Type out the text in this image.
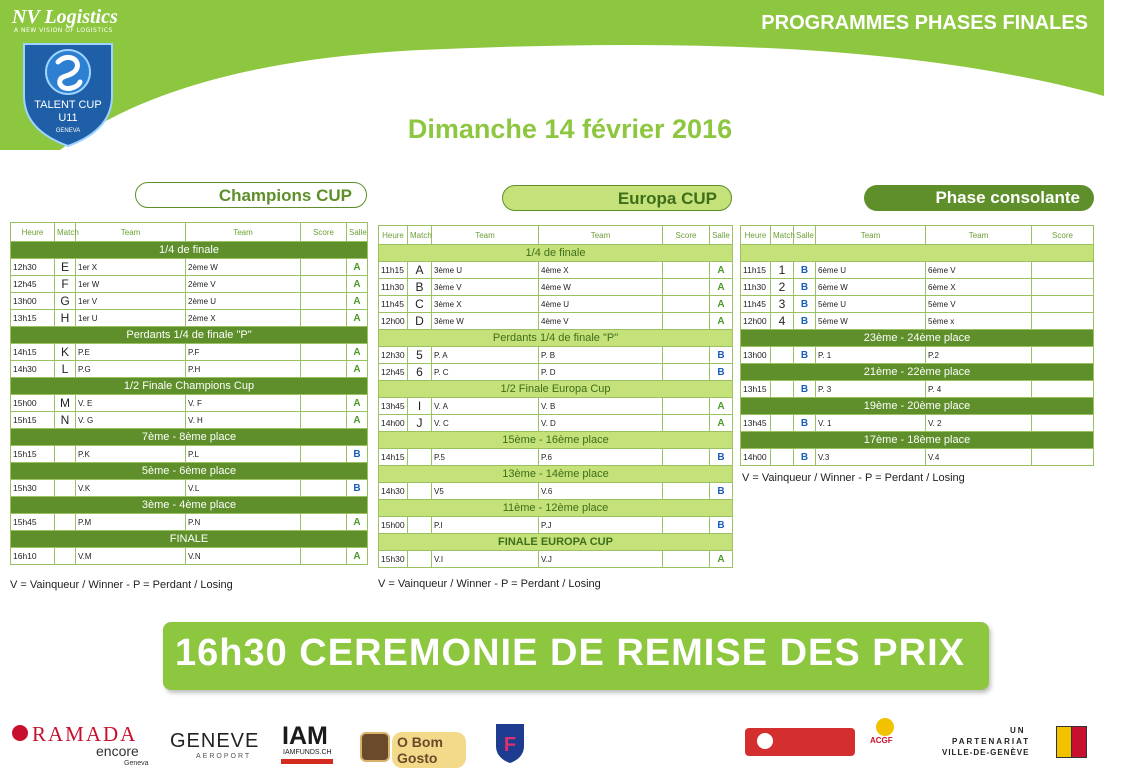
NV Logistics
A NEW VISION OF LOGISTICS
TALENT CUP
U11
GENEVA
PROGRAMMES PHASES FINALES
Dimanche 14 février 2016
Champions CUP	Europa CUP	Phase consolante
Heure	Match	Team	Team	Score	Salle
1/4 de finale					
12h30	E	1er X	2ème W		A
12h45	F	1er W	2ème V		A
13h00	G	1er V	2ème U		A
13h15	H	1er U	2ème X		A
Perdants 1/4 de finale "P"					
14h15	K	P.E	P.F		A
14h30	L	P.G	P.H		A
1/2 Finale Champions Cup					
15h00	M	V. E	V. F		A
15h15	N	V. G	V. H		A
7ème - 8ème place					
15h15		P.K	P.L		B
5ème - 6ème place					
15h30		V.K	V.L		B
3ème - 4ème place					
15h45		P.M	P.N		A
FINALE					
16h10		V.M	V.N		A
Heure	Match	Team	Team	Score	Salle
1/4 de finale					
11h15	A	3ème U	4ème X		A
11h30	B	3ème V	4ème W		A
11h45	C	3ème X	4ème U		A
12h00	D	3ème W	4ème V		A
Perdants 1/4 de finale "P"					
12h30	5	P. A	P. B		B
12h45	6	P. C	P. D		B
1/2 Finale Europa Cup					
13h45	I	V. A	V. B		A
14h00	J	V. C	V. D		A
15ème - 16ème place					
14h15		P.5	P.6		B
13ème - 14ème place					
14h30		V5	V.6		B
11ème - 12ème place					
15h00		P.I	P.J		B
FINALE EUROPA CUP					
15h30		V.I	V.J		A
Heure	Match	Salle	Team	Team	Score

11h15	1	B	6ème U	6ème V	
11h30	2	B	6ème W	6ème X	
11h45	3	B	5ème U	5ème V	
12h00	4	B	5ème W	5ème x	
23ème - 24ème place					
13h00		B	P. 1	P.2	
21ème - 22ème place					
13h15		B	P. 3	P. 4	
19ème - 20ème place					
13h45		B	V. 1	V. 2	
17ème - 18ème place					
14h00		B	V.3	V.4	
V = Vainqueur / Winner - P = Perdant / Losing	V = Vainqueur / Winner - P = Perdant / Losing
V = Vainqueur / Winner - P = Perdant / Losing
16h30 CEREMONIE DE REMISE DES PRIX
RAMADA
encore
Geneva
GENEVE
AEROPORT
IAM
IAMFUNDS.CH
O Bom Gosto
F	ACGF
UN
PARTENARIAT
VILLE-DE-GENÈVE
